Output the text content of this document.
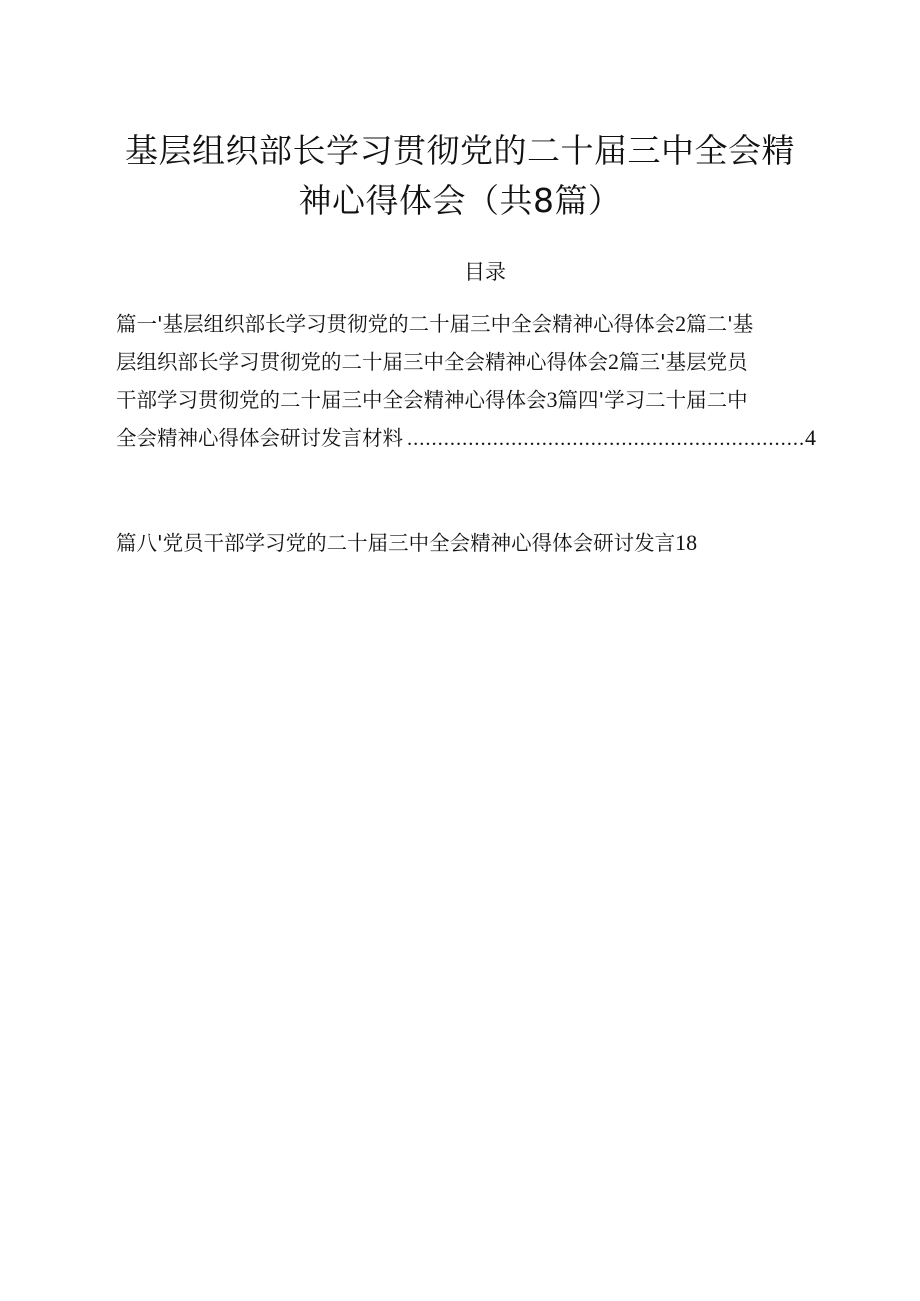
基层组织部长学习贯彻党的二十届三中全会精
神心得体会（共8篇）
目录
篇一'基层组织部长学习贯彻党的二十届三中全会精神心得体会2篇二'基
层组织部长学习贯彻党的二十届三中全会精神心得体会2篇三'基层党员
干部学习贯彻党的二十届三中全会精神心得体会3篇四'学习二十届二中
全会精神心得体会研讨发言材料
.....	4
篇八'党员干部学习党的二十届三中全会精神心得体会研讨发言18
